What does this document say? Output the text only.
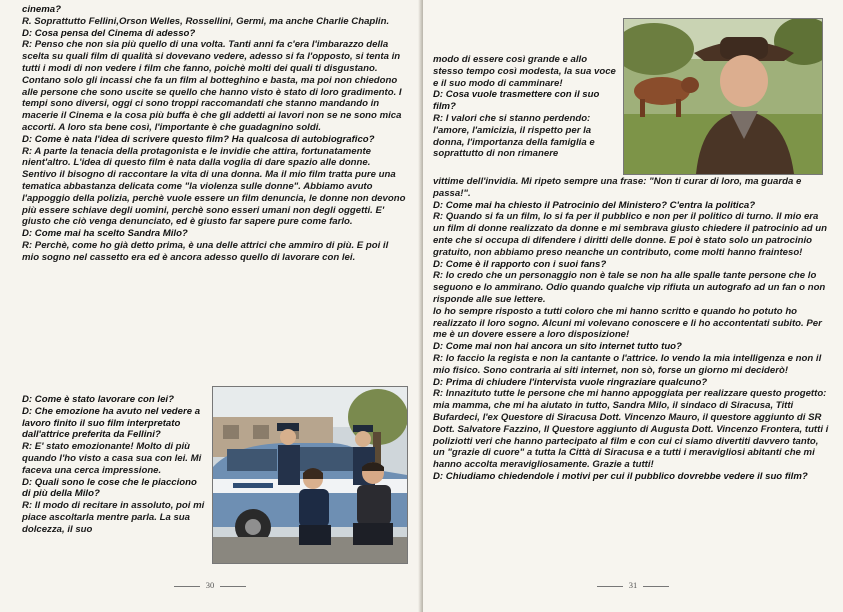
cinema?

R. Soprattutto Fellini,Orson Welles, Rossellini, Germi, ma anche Charlie Chaplin.

D: Cosa pensa del Cinema di adesso?

R: Penso che non sia più quello di una volta. Tanti anni fa c'era l'imbarazzo della scelta su quali film di qualità si dovevano vedere, adesso si fa l'opposto, si tenta in tutti i modi di non vedere i film che fanno, poichè molti dei quali ti disgustano.

Contano solo gli incassi che fa un film al botteghino e basta, ma poi non chiedono alle persone che sono uscite se quello che hanno visto è stato di loro gradimento. I tempi sono diversi, oggi ci sono troppi raccomandati che stanno mandando in macerie il Cinema e la cosa più buffa è che gli addetti ai lavori non se ne sono mica accorti. A loro sta bene così, l'importante è che guadagnino soldi.

D: Come è nata l'idea di scrivere questo film? Ha qualcosa di autobiografico?

R: A parte la tenacia della protagonista e le invidie che attira, fortunatamente nient'altro. L'idea di questo film è nata dalla voglia di dare spazio alle donne. Sentivo il bisogno di raccontare la vita di una donna. Ma il mio film tratta pure una tematica abbastanza delicata come "la violenza sulle donne". Abbiamo avuto l'appoggio della polizia, perchè vuole essere un film denuncia, le donne non devono più essere schiave degli uomini, perchè sono esseri umani non degli oggetti. E' giusto che ciò venga denunciato, ed è giusto far sapere pure come farlo.

D: Come mai ha scelto Sandra Milo?

R: Perchè, come ho già detto prima, è una delle attrici che ammiro di più. E poi il mio sogno nel cassetto era ed è ancora adesso quello di lavorare con lei.

D: Come è stato lavorare con lei?

D: Che emozione ha avuto nel vedere a lavoro finito il suo film interpretato dall'attrice preferita da Fellini?

R: E' stato emozionante! Molto di più quando l'ho visto a casa sua con lei. Mi faceva una cerca impressione.

D: Quali sono le cose che le piacciono di più della Milo?

R: Il modo di recitare in assoluto, poi mi piace ascoltarla mentre parla. La sua dolcezza, il suo

30

modo di essere così grande e allo stesso tempo così modesta, la sua voce e il suo modo di camminare!

D: Cosa vuole trasmettere con il suo film?

R: I valori che si stanno perdendo: l'amore, l'amicizia, il rispetto per la donna, l'importanza della famiglia e soprattutto di non rimanere

vittime dell'invidia. Mi ripeto sempre una frase: "Non ti curar di loro, ma guarda e passa!".

D: Come mai ha chiesto il Patrocinio del Ministero? C'entra la politica?

R: Quando si fa un film, lo si fa per il pubblico e non per il politico di turno. Il mio era un film di donne realizzato da donne e mi sembrava giusto chiedere il patrocinio ad un ente che si occupa di difendere i diritti delle donne. E poi è stato solo un patrocinio gratuito, non abbiamo preso neanche un contributo, come molti hanno frainteso!

D: Come è il rapporto con i suoi fans?

R: Io credo che un personaggio non è tale se non ha alle spalle tante persone che lo seguono e lo ammirano. Odio quando qualche vip rifiuta un autografo ad un fan o non risponde alle sue lettere.

Io ho sempre risposto a tutti coloro che mi hanno scritto e quando ho potuto ho realizzato il loro sogno. Alcuni mi volevano conoscere e li ho accontentati subito. Per me è un dovere essere a loro disposizione!

D: Come mai non hai ancora un sito internet tutto tuo?

R: Io faccio la regista e non la cantante o l'attrice. Io vendo la mia intelligenza e non il mio fisico. Sono contraria ai siti internet, non sò, forse un giorno mi deciderò!

D: Prima di chiudere l'intervista vuole ringraziare qualcuno?

R: Innazituto tutte le persone che mi hanno appoggiata per realizzare questo progetto: mia mamma, che mi ha aiutato in tutto, Sandra Milo, il sindaco di Siracusa, Titti Bufardeci, l'ex Questore di Siracusa Dott. Vincenzo Mauro, il questore aggiunto di SR Dott. Salvatore Fazzino, Il Questore aggiunto di Augusta Dott. Vincenzo Frontera, tutti i poliziotti veri che hanno partecipato al film e con cui ci siamo divertiti davvero tanto, un "grazie di cuore" a tutta la Città di Siracusa e a tutti i meravigliosi abitanti che mi hanno accolta meravigliosamente. Grazie a tutti!

D: Chiudiamo chiedendole i motivi per cui il pubblico dovrebbe vedere il suo film?

31
